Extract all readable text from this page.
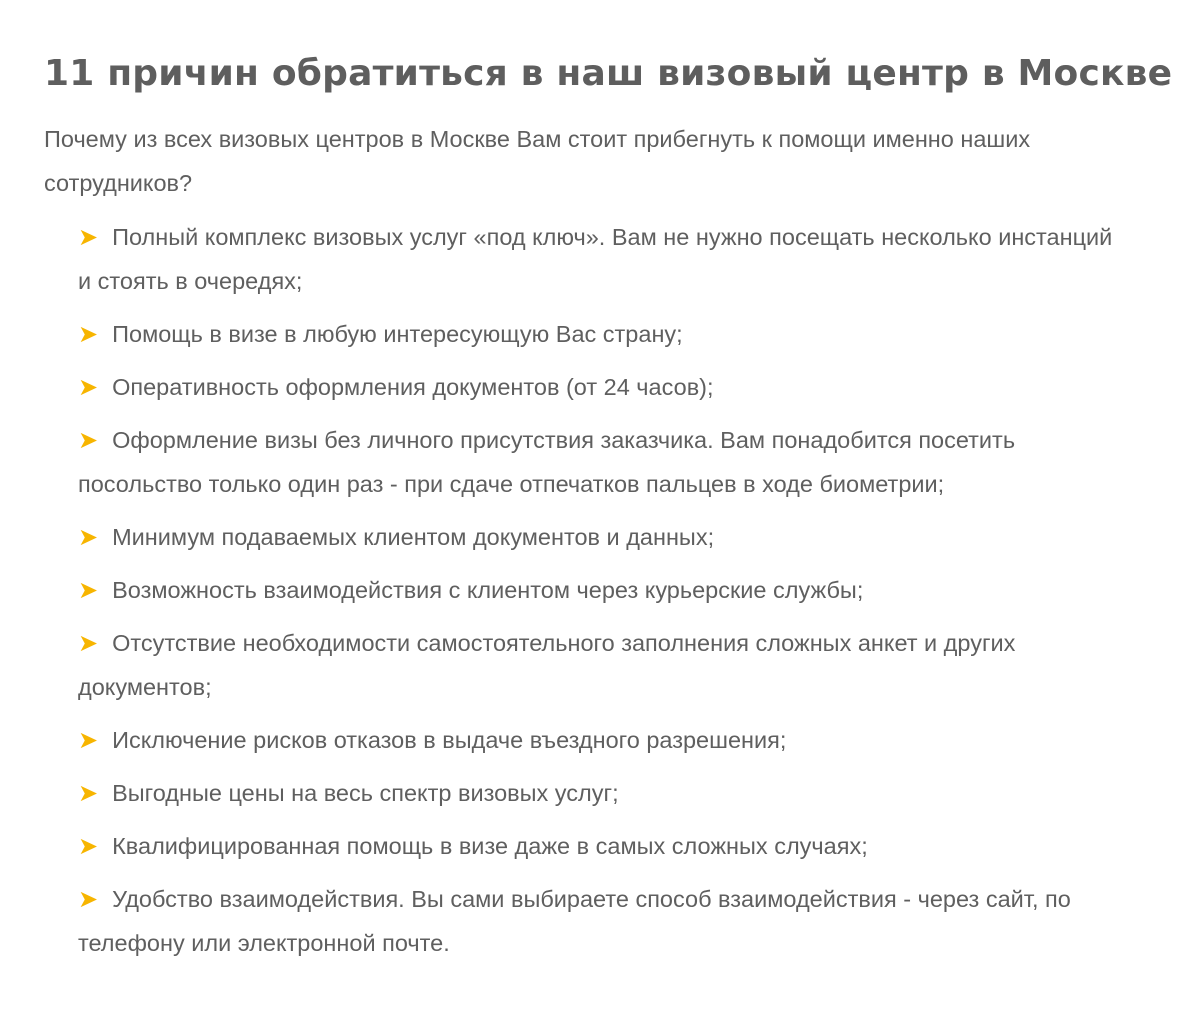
11 причин обратиться в наш визовый центр в Москве

Почему из всех визовых центров в Москве Вам стоит прибегнуть к помощи именно наших сотрудников?

➤ Полный комплекс визовых услуг «под ключ». Вам не нужно посещать несколько инстанций и стоять в очередях;
➤ Помощь в визе в любую интересующую Вас страну;
➤ Оперативность оформления документов (от 24 часов);
➤ Оформление визы без личного присутствия заказчика. Вам понадобится посетить посольство только один раз - при сдаче отпечатков пальцев в ходе биометрии;
➤ Минимум подаваемых клиентом документов и данных;
➤ Возможность взаимодействия с клиентом через курьерские службы;
➤ Отсутствие необходимости самостоятельного заполнения сложных анкет и других документов;
➤ Исключение рисков отказов в выдаче въездного разрешения;
➤ Выгодные цены на весь спектр визовых услуг;
➤ Квалифицированная помощь в визе даже в самых сложных случаях;
➤ Удобство взаимодействия. Вы сами выбираете способ взаимодействия - через сайт, по телефону или электронной почте.
